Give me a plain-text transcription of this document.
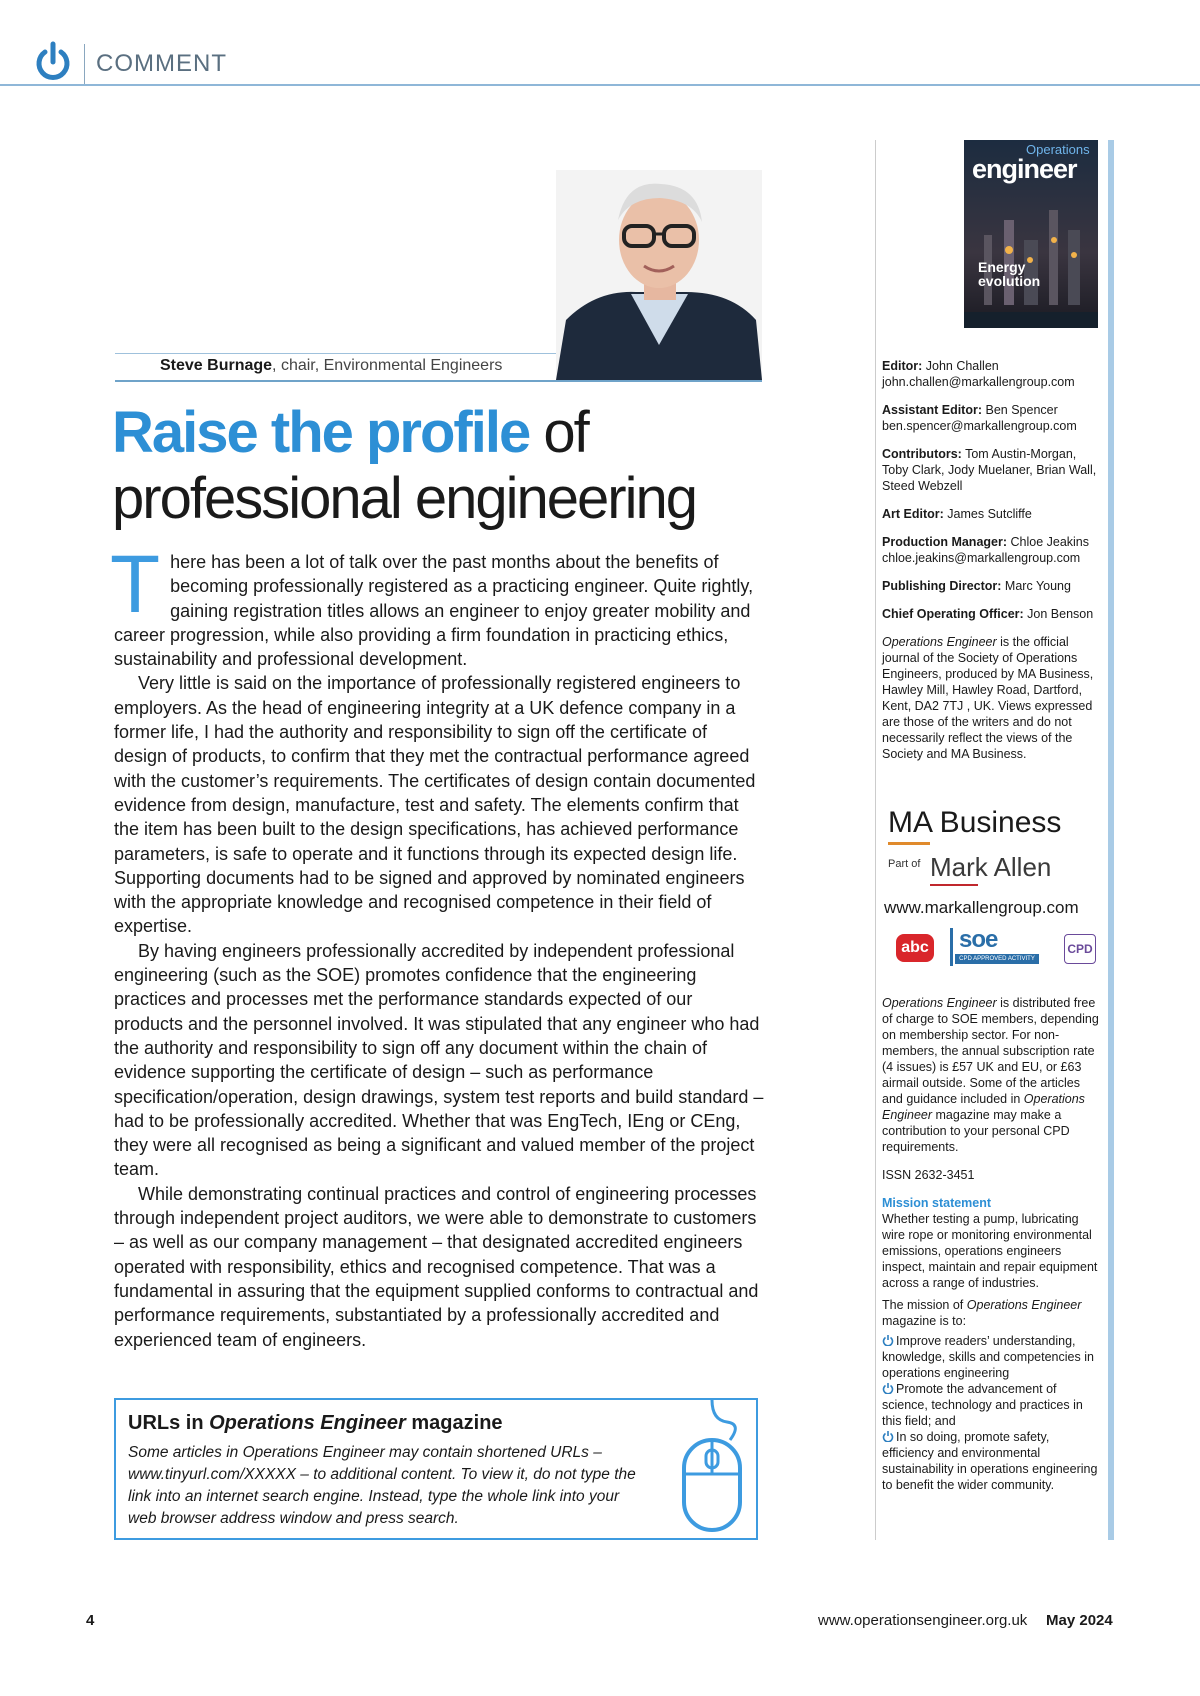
COMMENT
Steve Burnage, chair, Environmental Engineers
Raise the profile of
professional engineering

There has been a lot of talk over the past months about the benefits of becoming professionally registered as a practicing engineer. Quite rightly, gaining registration titles allows an engineer to enjoy greater mobility and career progression, while also providing a firm foundation in practicing ethics, sustainability and professional development.

Very little is said on the importance of professionally registered engineers to employers. As the head of engineering integrity at a UK defence company in a former life, I had the authority and responsibility to sign off the certificate of design of products, to confirm that they met the contractual performance agreed with the customer’s requirements. The certificates of design contain documented evidence from design, manufacture, test and safety. The elements confirm that the item has been built to the design specifications, has achieved performance parameters, is safe to operate and it functions through its expected design life. Supporting documents had to be signed and approved by nominated engineers with the appropriate knowledge and recognised competence in their field of expertise.

By having engineers professionally accredited by independent professional engineering (such as the SOE) promotes confidence that the engineering practices and processes met the performance standards expected of our products and the personnel involved. It was stipulated that any engineer who had the authority and responsibility to sign off any document within the chain of evidence supporting the certificate of design – such as performance specification/operation, design drawings, system test reports and build standard – had to be professionally accredited. Whether that was EngTech, IEng or CEng, they were all recognised as being a significant and valued member of the project team.

While demonstrating continual practices and control of engineering processes through independent project auditors, we were able to demonstrate to customers – as well as our company management – that designated accredited engineers operated with responsibility, ethics and recognised competence. That was a fundamental in assuring that the equipment supplied conforms to contractual and performance requirements, substantiated by a professionally accredited and experienced team of engineers.

URLs in Operations Engineer magazine
Some articles in Operations Engineer may contain shortened URLs – www.tinyurl.com/XXXXX – to additional content. To view it, do not type the link into an internet search engine. Instead, type the whole link into your web browser address window and press search.
Operations
engineer
Energy
evolution

Editor: John Challen
john.challen@markallengroup.com

Assistant Editor: Ben Spencer
ben.spencer@markallengroup.com

Contributors: Tom Austin-Morgan, Toby Clark, Jody Muelaner, Brian Wall, Steed Webzell

Art Editor: James Sutcliffe

Production Manager: Chloe Jeakins
chloe.jeakins@markallengroup.com

Publishing Director: Marc Young

Chief Operating Officer: Jon Benson

Operations Engineer is the official journal of the Society of Operations Engineers, produced by MA Business, Hawley Mill, Hawley Road, Dartford, Kent, DA2 7TJ , UK. Views expressed are those of the writers and do not necessarily reflect the views of the Society and MA Business.

MA Business
Part of Mark Allen
www.markallengroup.com
abc soe
CPD APPROVED ACTIVITY
CPD

Operations Engineer is distributed free of charge to SOE members, depending on membership sector. For non-members, the annual subscription rate (4 issues) is £57 UK and EU, or £63 airmail outside. Some of the articles and guidance included in Operations Engineer magazine may make a contribution to your personal CPD requirements.

ISSN 2632-3451

Mission statement
Whether testing a pump, lubricating wire rope or monitoring environmental emissions, operations engineers inspect, maintain and repair equipment across a range of industries.

The mission of Operations Engineer magazine is to:

Improve readers’ understanding, knowledge, skills and competencies in operations engineering
Promote the advancement of science, technology and practices in this field; and
In so doing, promote safety, efficiency and environmental sustainability in operations engineering to benefit the wider community.
4	www.operationsengineer.org.uk May 2024
